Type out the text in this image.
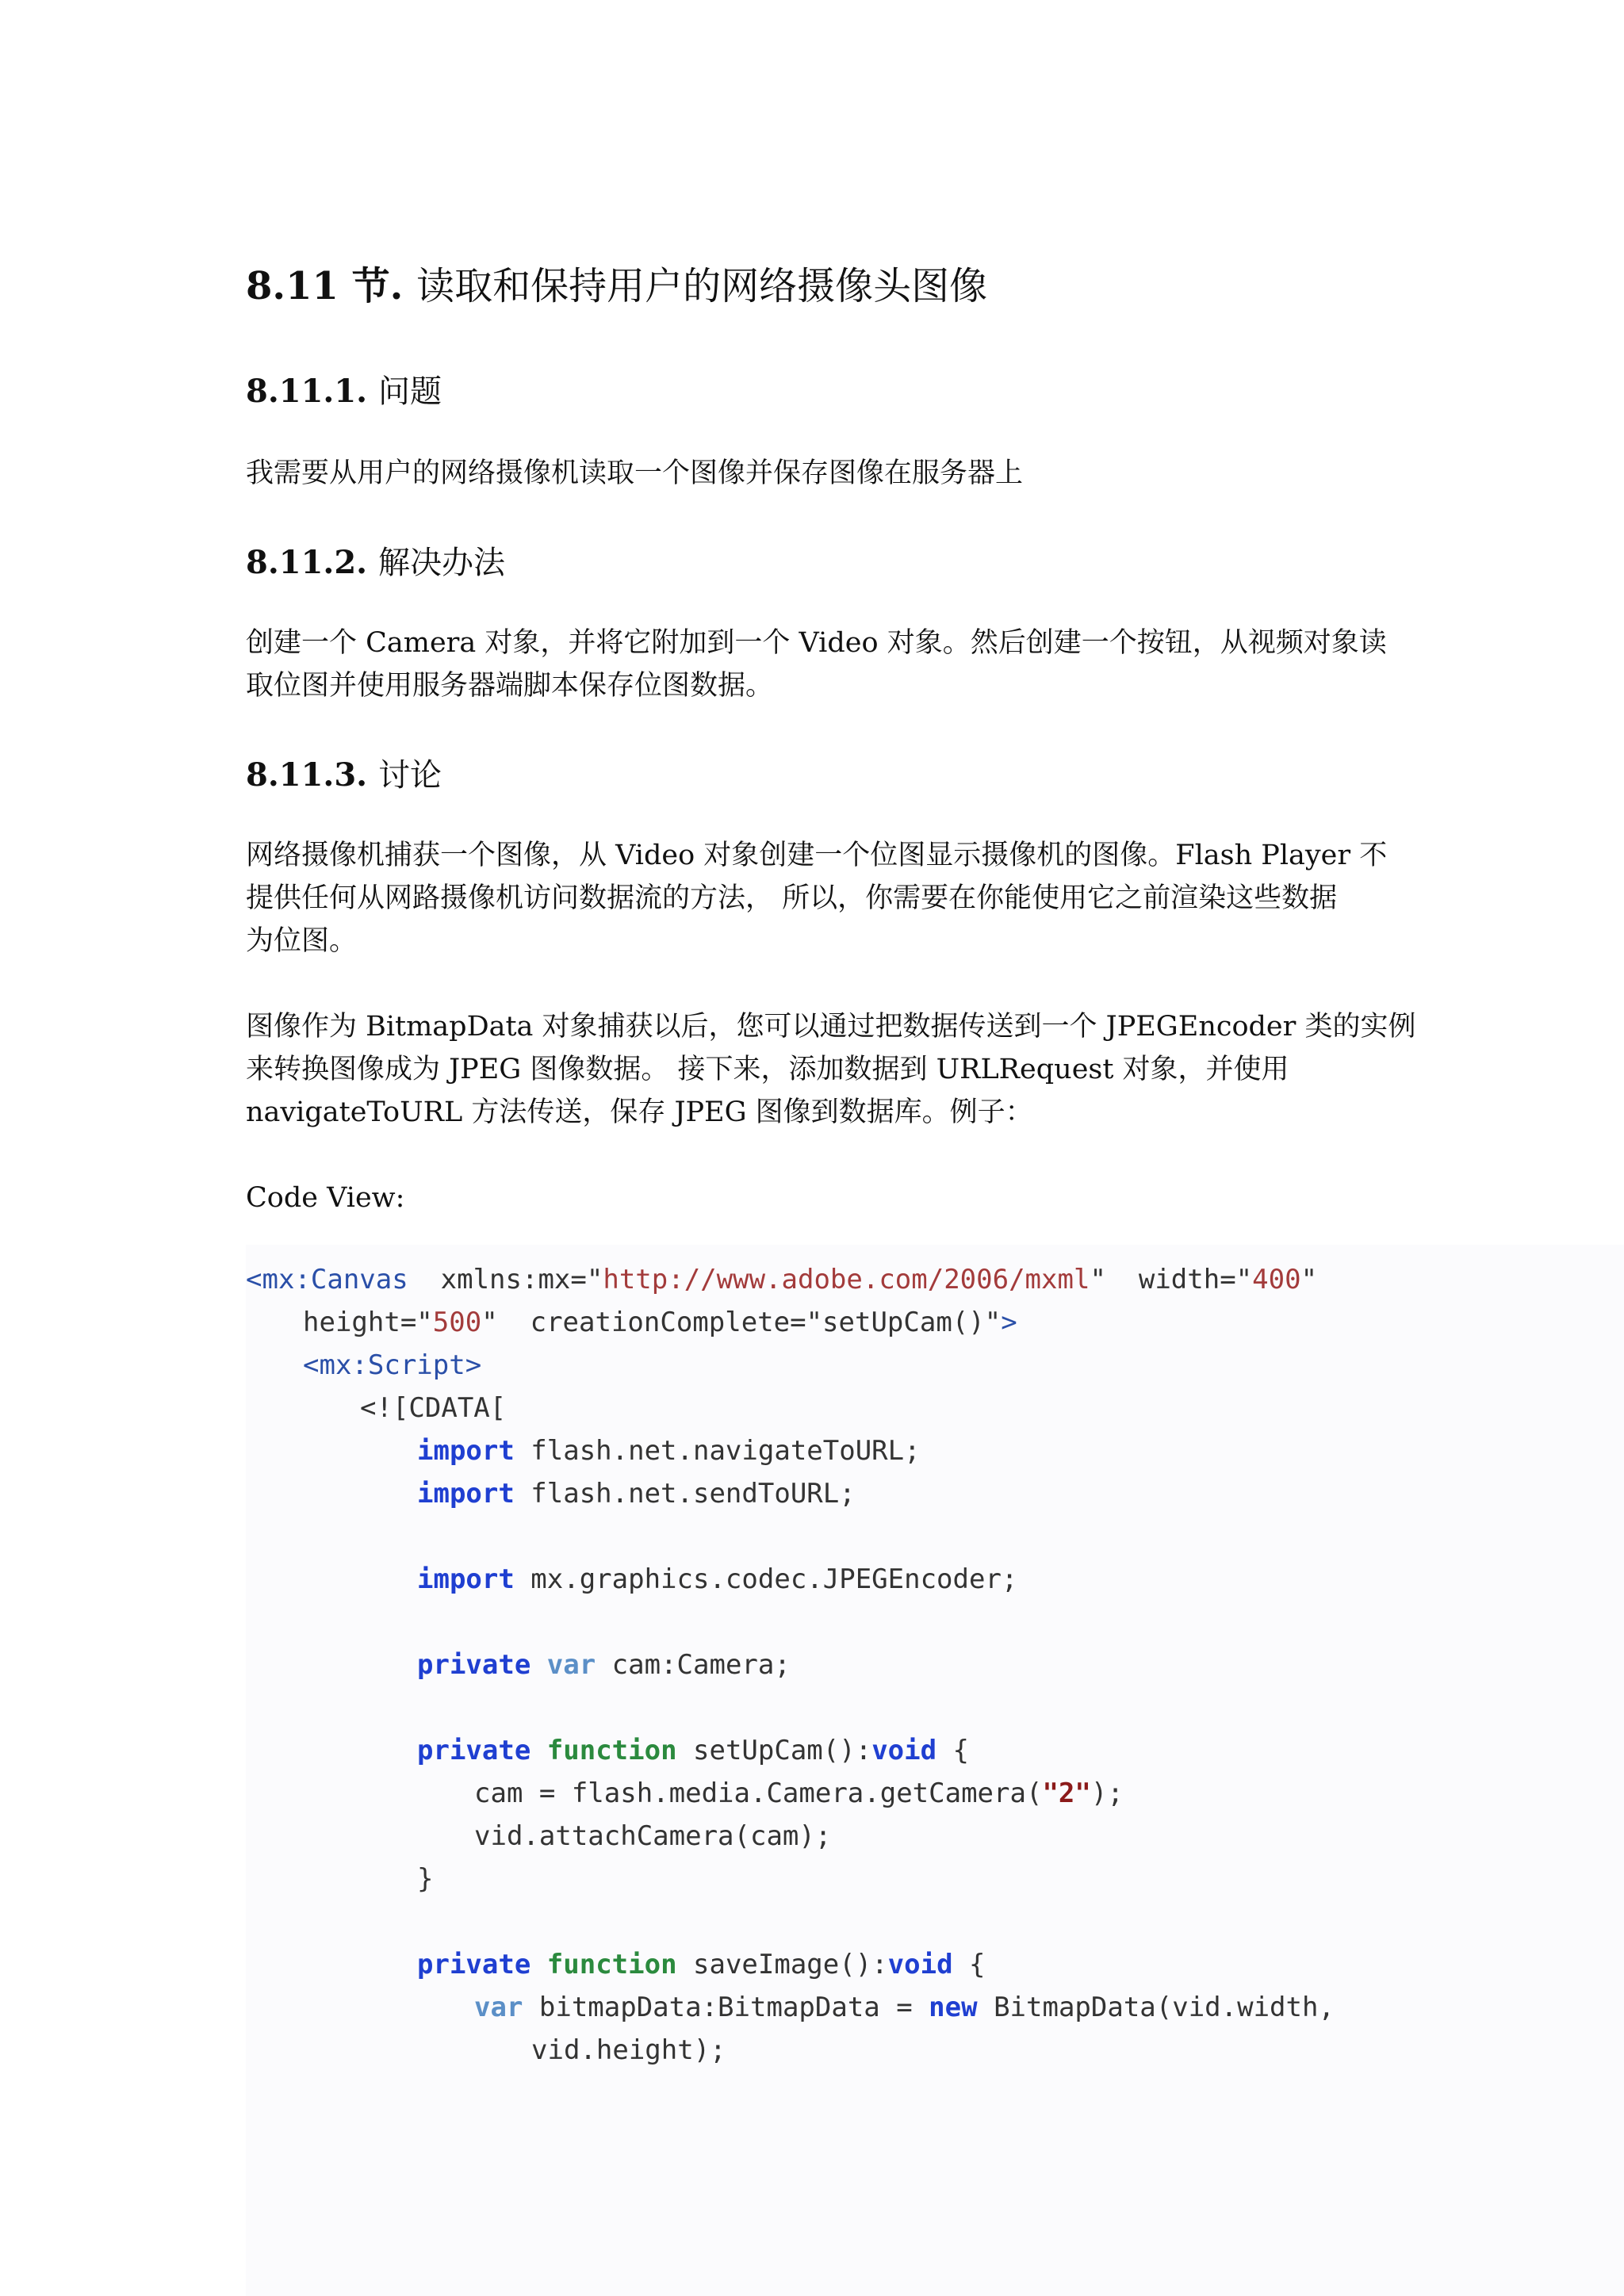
8.11 节. 读取和保持用户的网络摄像头图像
8.11.1. 问题
我需要从用户的网络摄像机读取一个图像并保存图像在服务器上
8.11.2. 解决办法
创建一个 Camera 对象，并将它附加到一个 Video 对象。然后创建一个按钮，从视频对象读
取位图并使用服务器端脚本保存位图数据。
8.11.3. 讨论
网络摄像机捕获一个图像，从 Video 对象创建一个位图显示摄像机的图像。Flash Player 不
提供任何从网路摄像机访问数据流的方法， 所以，你需要在你能使用它之前渲染这些数据
为位图。
图像作为 BitmapData 对象捕获以后，您可以通过把数据传送到一个 JPEGEncoder 类的实例
来转换图像成为 JPEG 图像数据。 接下来，添加数据到 URLRequest 对象，并使用
navigateToURL 方法传送，保存 JPEG 图像到数据库。例子：
Code View:
<mx:Canvas  xmlns:mx="http://www.adobe.com/2006/mxml"  width="400"
height="500"  creationComplete="setUpCam()">
<mx:Script>
<![CDATA[
import flash.net.navigateToURL;
import flash.net.sendToURL;
import mx.graphics.codec.JPEGEncoder;
private var cam:Camera;
private function setUpCam():void {
cam = flash.media.Camera.getCamera("2");
vid.attachCamera(cam);
}
private function saveImage():void {
var bitmapData:BitmapData = new BitmapData(vid.width,
vid.height);
